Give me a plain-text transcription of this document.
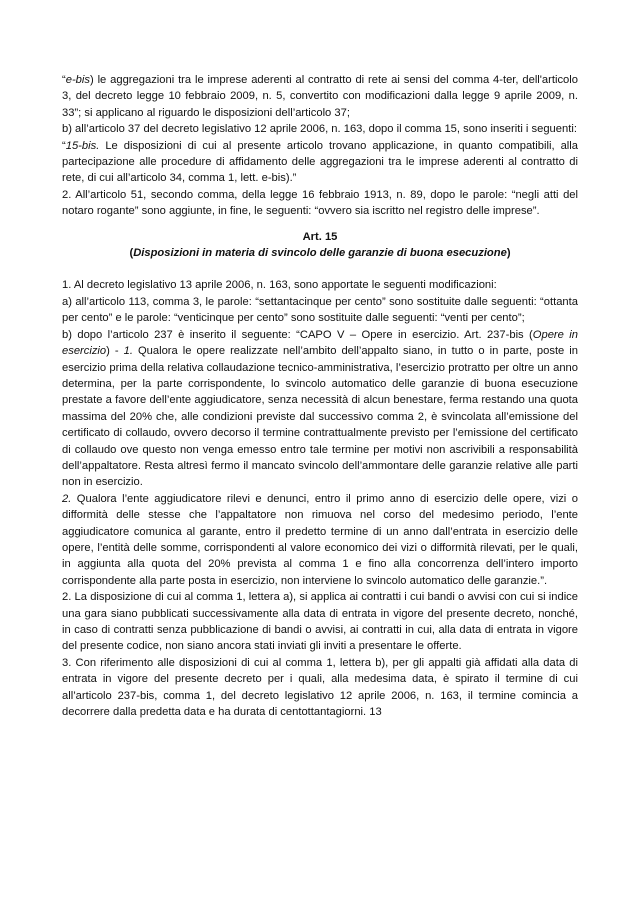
“e-bis) le aggregazioni tra le imprese aderenti al contratto di rete ai sensi del comma 4-ter, dell'articolo 3, del decreto legge 10 febbraio 2009, n. 5, convertito con modificazioni dalla legge 9 aprile 2009, n. 33”; si applicano al riguardo le disposizioni dell’articolo 37;

b) all’articolo 37 del decreto legislativo 12 aprile 2006, n. 163, dopo il comma 15, sono inseriti i seguenti:

“15-bis. Le disposizioni di cui al presente articolo trovano applicazione, in quanto compatibili, alla partecipazione alle procedure di affidamento delle aggregazioni tra le imprese aderenti al contratto di rete, di cui all’articolo 34, comma 1, lett. e-bis).”

2. All’articolo 51, secondo comma, della legge 16 febbraio 1913, n. 89, dopo le parole: “negli atti del notaro rogante” sono aggiunte, in fine, le seguenti: “ovvero sia iscritto nel registro delle imprese”.

Art. 15

(Disposizioni in materia di svincolo delle garanzie di buona esecuzione)

1. Al decreto legislativo 13 aprile 2006, n. 163, sono apportate le seguenti modificazioni:

a) all’articolo 113, comma 3, le parole: “settantacinque per cento” sono sostituite dalle seguenti: “ottanta per cento” e le parole: “venticinque per cento” sono sostituite dalle seguenti: “venti per cento”;

b) dopo l’articolo 237 è inserito il seguente: “CAPO V – Opere in esercizio. Art. 237-bis (Opere in esercizio) - 1. Qualora le opere realizzate nell’ambito dell’appalto siano, in tutto o in parte, poste in esercizio prima della relativa collaudazione tecnico-amministrativa, l’esercizio protratto per oltre un anno determina, per la parte corrispondente, lo svincolo automatico delle garanzie di buona esecuzione prestate a favore dell’ente aggiudicatore, senza necessità di alcun benestare, ferma restando una quota massima del 20% che, alle condizioni previste dal successivo comma 2, è svincolata all’emissione del certificato di collaudo, ovvero decorso il termine contrattualmente previsto per l’emissione del certificato di collaudo ove questo non venga emesso entro tale termine per motivi non ascrivibili a responsabilità dell’appaltatore. Resta altresì fermo il mancato svincolo dell’ammontare delle garanzie relative alle parti non in esercizio.

2. Qualora l’ente aggiudicatore rilevi e denunci, entro il primo anno di esercizio delle opere, vizi o difformità delle stesse che l’appaltatore non rimuova nel corso del medesimo periodo, l’ente aggiudicatore comunica al garante, entro il predetto termine di un anno dall’entrata in esercizio delle opere, l’entità delle somme, corrispondenti al valore economico dei vizi o difformità rilevati, per le quali, in aggiunta alla quota del 20% prevista al comma 1 e fino alla concorrenza dell’intero importo corrispondente alla parte posta in esercizio, non interviene lo svincolo automatico delle garanzie.”.

2. La disposizione di cui al comma 1, lettera a), si applica ai contratti i cui bandi o avvisi con cui si indice una gara siano pubblicati successivamente alla data di entrata in vigore del presente decreto, nonché, in caso di contratti senza pubblicazione di bandi o avvisi, ai contratti in cui, alla data di entrata in vigore del presente codice, non siano ancora stati inviati gli inviti a presentare le offerte.

3. Con riferimento alle disposizioni di cui al comma 1, lettera b), per gli appalti già affidati alla data di entrata in vigore del presente decreto per i quali, alla medesima data, è spirato il termine di cui all’articolo 237-bis, comma 1, del decreto legislativo 12 aprile 2006, n. 163, il termine comincia a decorrere dalla predetta data e ha durata di centottantagiorni. 13
